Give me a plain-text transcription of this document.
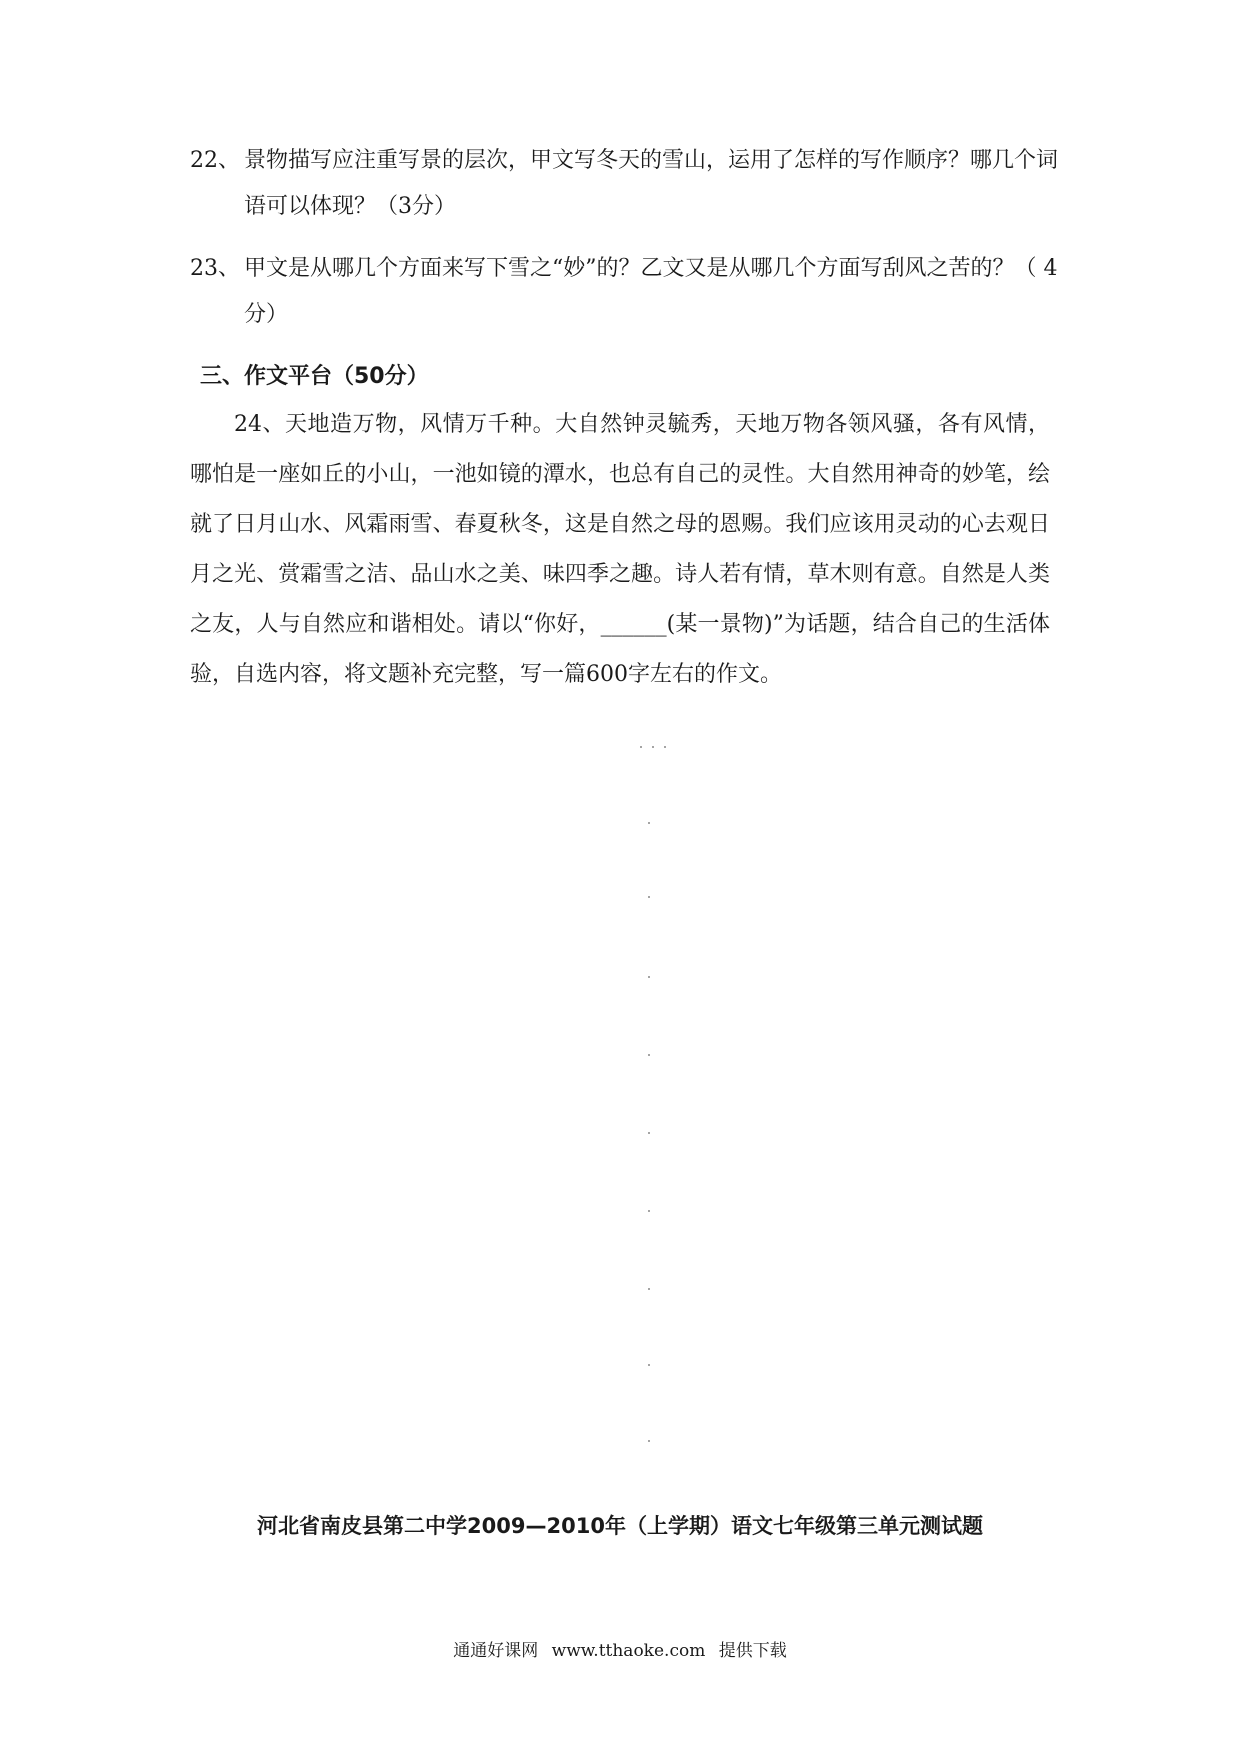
22、 景物描写应注重写景的层次，甲文写冬天的雪山，运用了怎样的写作顺序？哪几个词
语可以体现？（3分）
23、 甲文是从哪几个方面来写下雪之“妙”的？乙文又是从哪几个方面写刮风之苦的？（ 4
分）
三、作文平台（50分）
24、天地造万物，风情万千种。大自然钟灵毓秀，天地万物各领风骚，各有风情，哪怕是一座如丘的小山，一池如镜的潭水，也总有自己的灵性。大自然用神奇的妙笔，绘就了日月山水、风霜雨雪、春夏秋冬，这是自然之母的恩赐。我们应该用灵动的心去观日月之光、赏霜雪之洁、品山水之美、味四季之趣。诗人若有情，草木则有意。自然是人类之友，人与自然应和谐相处。请以“你好，______(某一景物)”为话题，结合自己的生活体验，自选内容，将文题补充完整，写一篇600字左右的作文。
河北省南皮县第二中学2009—2010年（上学期）语文七年级第三单元测试题
通通好课网 www.tthaoke.com 提供下载
